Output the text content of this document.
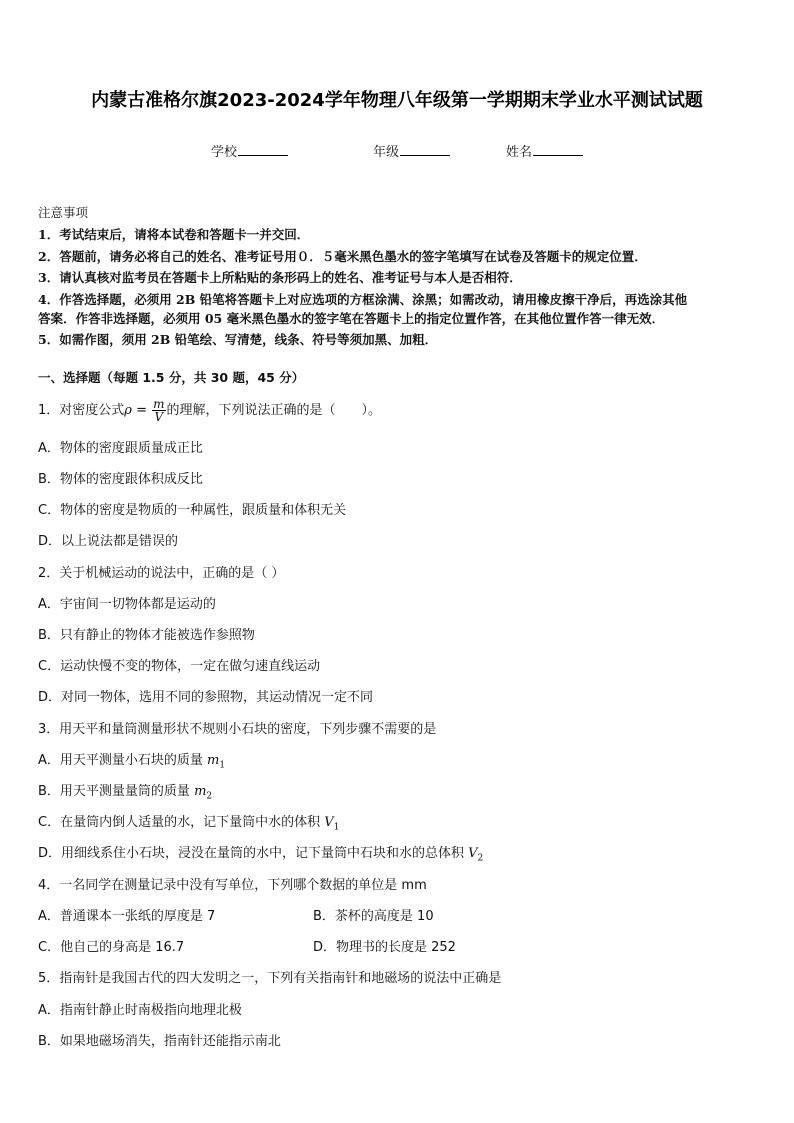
内蒙古准格尔旗2023-2024学年物理八年级第一学期期末学业水平测试试题
学校	年级	姓名
注意事项
1．考试结束后，请将本试卷和答题卡一并交回．
2．答题前，请务必将自己的姓名、准考证号用０．５毫米黑色墨水的签字笔填写在试卷及答题卡的规定位置．
3．请认真核对监考员在答题卡上所粘贴的条形码上的姓名、准考证号与本人是否相符．
4．作答选择题，必须用 2B 铅笔将答题卡上对应选项的方框涂满、涂黑；如需改动，请用橡皮擦干净后，再选涂其他
答案．作答非选择题，必须用 05 毫米黑色墨水的签字笔在答题卡上的指定位置作答，在其他位置作答一律无效．
5．如需作图，须用 2B 铅笔绘、写清楚，线条、符号等须加黑、加粗．
一、选择题（每题 1.5 分，共 30 题，45 分）
1．对密度公式$\rho = \frac{m}{V}$ 的理解，下列说法正确的是（　　）。
A．物体的密度跟质量成正比
B．物体的密度跟体积成反比
C．物体的密度是物质的一种属性，跟质量和体积无关
D．以上说法都是错误的
2．关于机械运动的说法中，正确的是（ ）
A．宇宙间一切物体都是运动的
B．只有静止的物体才能被选作参照物
C．运动快慢不变的物体，一定在做匀速直线运动
D．对同一物体，选用不同的参照物，其运动情况一定不同
3．用天平和量筒测量形状不规则小石块的密度，下列步骤不需要的是
A．用天平测量小石块的质量 $m_1$
B．用天平测量量筒的质量 $m_2$
C．在量筒内倒人适量的水，记下量筒中水的体积 $V_1$
D．用细线系住小石块，浸没在量筒的水中，记下量筒中石块和水的总体积 $V_2$
4．一名同学在测量记录中没有写单位，下列哪个数据的单位是 mm
A．普通课本一张纸的厚度是 7	B．茶杯的高度是 10
C．他自己的身高是 16.7	D．物理书的长度是 252
5．指南针是我国古代的四大发明之一，下列有关指南针和地磁场的说法中正确是
A．指南针静止时南极指向地理北极
B．如果地磁场消失，指南针还能指示南北
